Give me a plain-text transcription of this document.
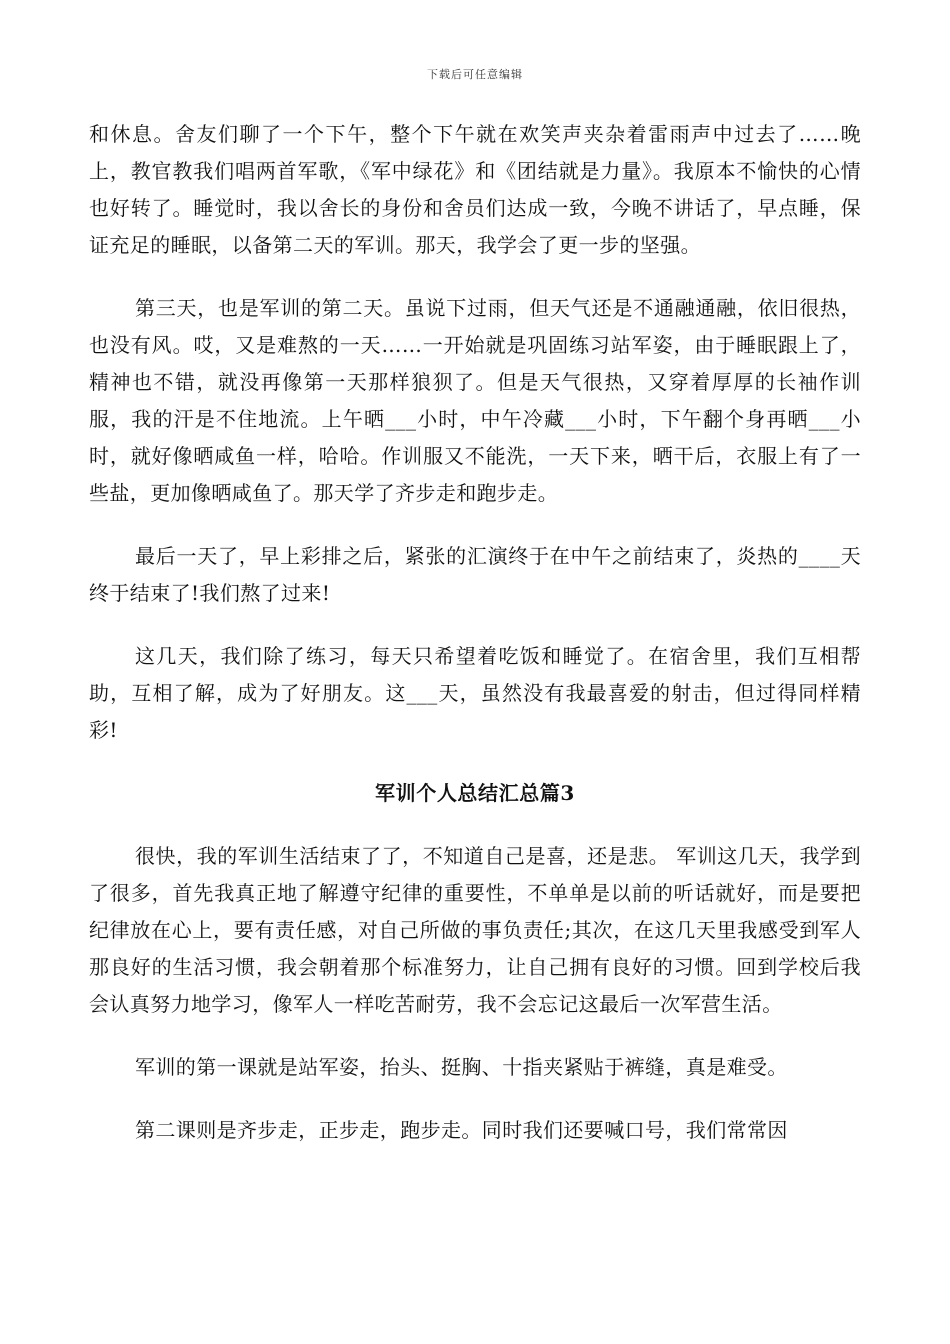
下载后可任意编辑

和休息。舍友们聊了一个下午，整个下午就在欢笑声夹杂着雷雨声中过去了……晚上，教官教我们唱两首军歌，《军中绿花》和《团结就是力量》。我原本不愉快的心情也好转了。睡觉时，我以舍长的身份和舍员们达成一致，今晚不讲话了，早点睡，保证充足的睡眠，以备第二天的军训。那天，我学会了更一步的坚强。

第三天，也是军训的第二天。虽说下过雨，但天气还是不通融通融，依旧很热，也没有风。哎，又是难熬的一天……一开始就是巩固练习站军姿，由于睡眠跟上了，精神也不错，就没再像第一天那样狼狈了。但是天气很热，又穿着厚厚的长袖作训服，我的汗是不住地流。上午晒___小时，中午冷藏___小时，下午翻个身再晒___小时，就好像晒咸鱼一样，哈哈。作训服又不能洗，一天下来，晒干后，衣服上有了一些盐，更加像晒咸鱼了。那天学了齐步走和跑步走。

最后一天了，早上彩排之后，紧张的汇演终于在中午之前结束了，炎热的____天终于结束了!我们熬了过来!

这几天，我们除了练习，每天只希望着吃饭和睡觉了。在宿舍里，我们互相帮助，互相了解，成为了好朋友。这___天，虽然没有我最喜爱的射击，但过得同样精彩!

军训个人总结汇总篇3

很快，我的军训生活结束了了，不知道自己是喜，还是悲。 军训这几天，我学到了很多，首先我真正地了解遵守纪律的重要性，不单单是以前的听话就好，而是要把纪律放在心上，要有责任感，对自己所做的事负责任;其次，在这几天里我感受到军人那良好的生活习惯，我会朝着那个标准努力，让自己拥有良好的习惯。回到学校后我会认真努力地学习，像军人一样吃苦耐劳，我不会忘记这最后一次军营生活。

军训的第一课就是站军姿，抬头、挺胸、十指夹紧贴于裤缝，真是难受。

第二课则是齐步走，正步走，跑步走。同时我们还要喊口号，我们常常因
